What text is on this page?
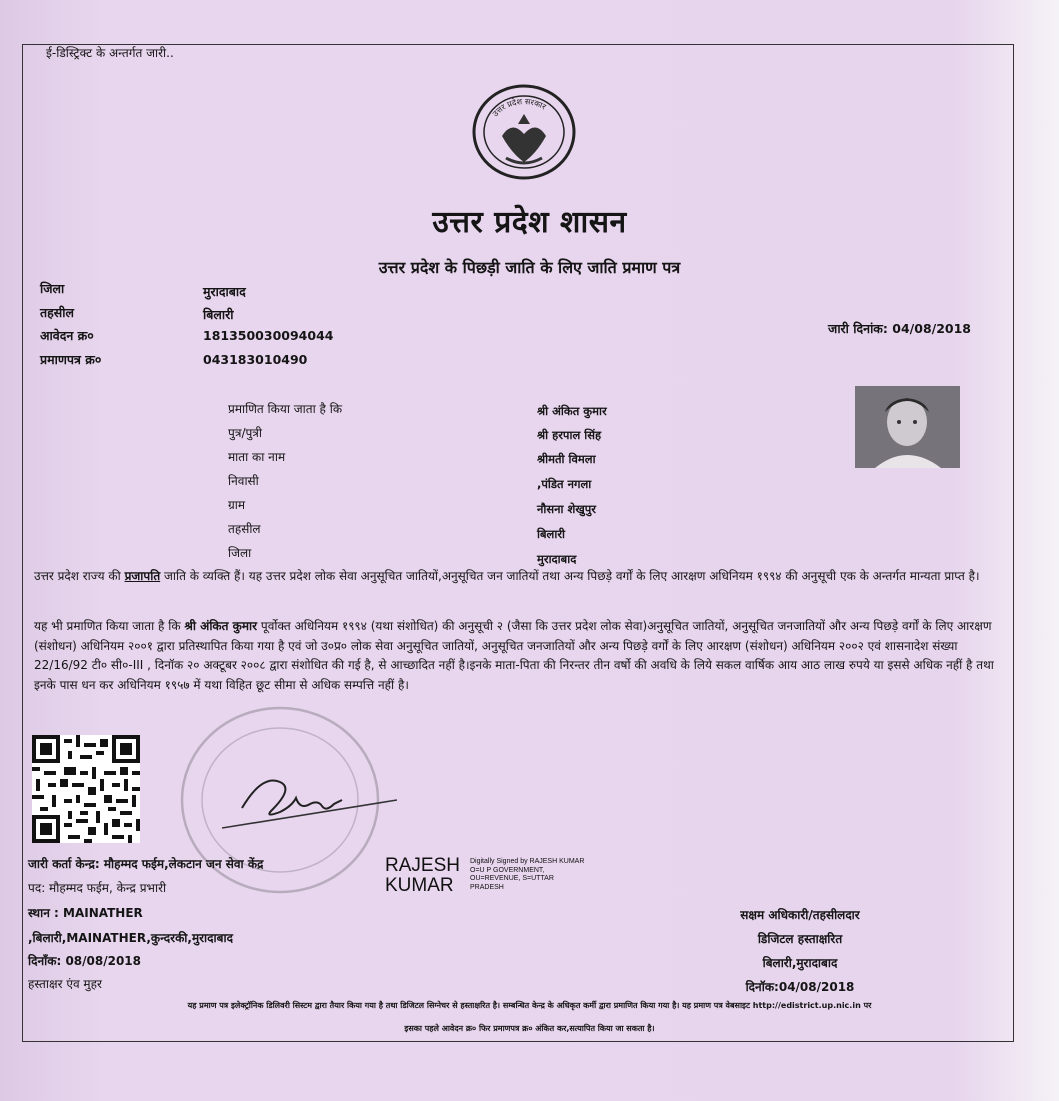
ई-डिस्ट्रिक्ट के अन्तर्गत जारी..
उत्तर प्रदेश सरकार
उत्तर प्रदेश शासन
उत्तर प्रदेश के पिछड़ी जाति के लिए जाति प्रमाण पत्र
जिला	मुरादाबाद
तहसील	बिलारी
आवेदन क्र०	181350030094044
प्रमाणपत्र क्र०	043183010490
जारी दिनांक: 04/08/2018
प्रमाणित किया जाता है कि	श्री अंकित कुमार
पुत्र/पुत्री	श्री हरपाल सिंह
माता का नाम	श्रीमती विमला
निवासी	,पंडित नगला
ग्राम	नौसना शेखुपुर
तहसील	बिलारी
जिला	मुरादाबाद
उत्तर प्रदेश राज्य की प्रजापति जाति के व्यक्ति हैं। यह उत्तर प्रदेश लोक सेवा अनुसूचित जातियों,अनुसूचित जन जातियों तथा अन्य पिछड़े वर्गों के लिए आरक्षण अधिनियम १९९४ की अनुसूची एक के अन्तर्गत मान्यता प्राप्त है।
यह भी प्रमाणित किया जाता है कि श्री अंकित कुमार पूर्वोक्त अधिनियम १९९४ (यथा संशोधित) की अनुसूची २ (जैसा कि उत्तर प्रदेश लोक सेवा)अनुसूचित जातियों, अनुसूचित जनजातियों और अन्य पिछड़े वर्गों के लिए आरक्षण (संशोधन) अधिनियम २००१ द्वारा प्रतिस्थापित किया गया है एवं जो उ०प्र० लोक सेवा अनुसूचित जातियों, अनुसूचित जनजातियों और अन्य पिछड़े वर्गों के लिए आरक्षण (संशोधन) अधिनियम २००२ एवं शासनादेश संख्या 22/16/92 टी० सी०-III , दिनॉक २० अक्टूबर २००८ द्वारा संशोधित की गई है, से आच्छादित नहीं है।इनके माता-पिता की निरन्तर तीन वर्षो की अवधि के लिये सकल वार्षिक आय आठ लाख रुपये या इससे अधिक नहीं है तथा इनके पास धन कर अधिनियम १९५७ में यथा विहित छूट सीमा से अधिक सम्पत्ति नहीं है।
जारी कर्ता केन्द्र: मौहम्मद फईम,लेकटान जन सेवा केंद्र
पद: मौहम्मद फईम, केन्द्र प्रभारी
स्थान : MAINATHER
,बिलारी,MAINATHER,कुन्दरकी,मुरादाबाद
दिनाँक: 08/08/2018
हस्ताक्षर एंव मुहर
RAJESH
KUMAR
Digitally Signed by RAJESH KUMAR
O=U P GOVERNMENT,
OU=REVENUE, S=UTTAR
PRADESH
सक्षम अधिकारी/तहसीलदार
डिजिटल हस्ताक्षरित
बिलारी,मुरादाबाद
दिनॉक:04/08/2018
यह प्रमाण पत्र इलेक्ट्रॉनिक डिलिवरी सिस्टम द्वारा तैयार किया गया है तथा डिजिटल सिग्नेचर से हस्ताक्षरित है। सम्बन्धित केन्द्र के अधिकृत कर्मी द्वारा प्रमाणित किया गया है। यह प्रमाण पत्र वेबसाइट http://edistrict.up.nic.in पर
इसका पहले आवेदन क्र० फिर प्रमाणपत्र क्र० अंकित कर,सत्यापित किया जा सकता है।
